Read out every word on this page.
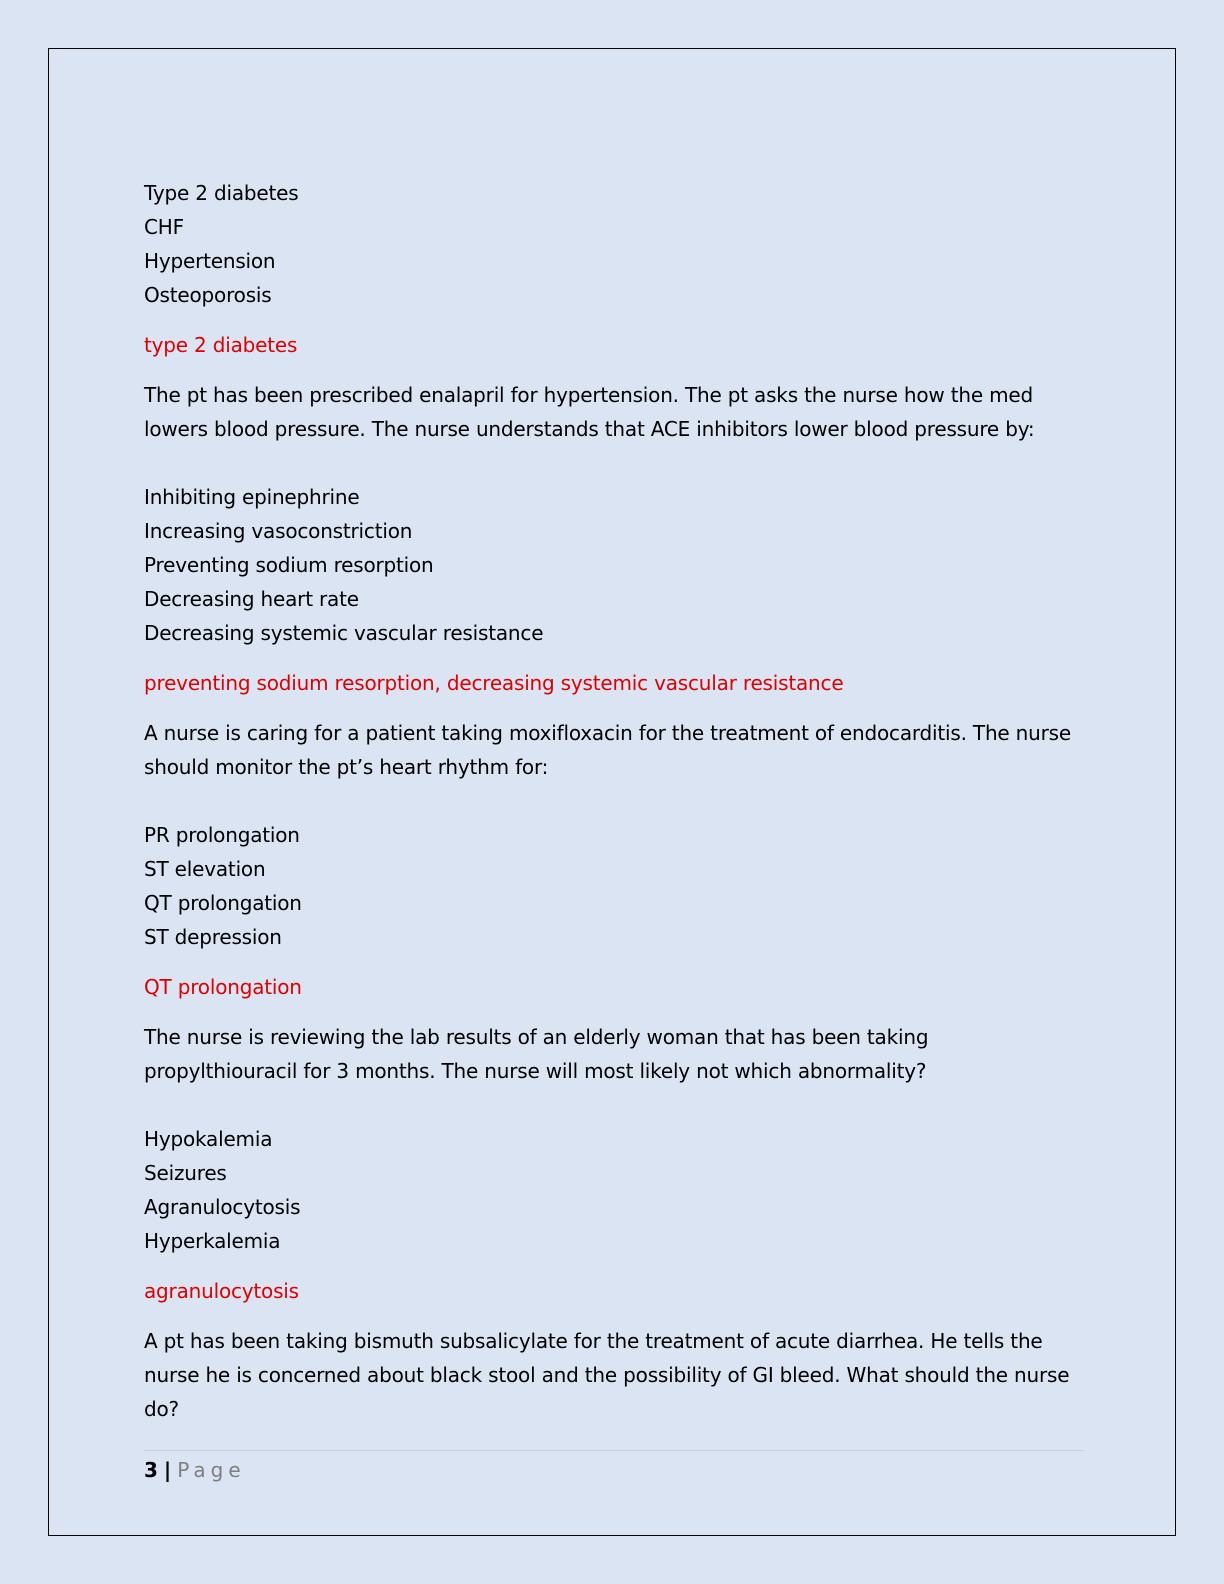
Type 2 diabetes
CHF
Hypertension
Osteoporosis
type 2 diabetes

The pt has been prescribed enalapril for hypertension. The pt asks the nurse how the med lowers blood pressure. The nurse understands that ACE inhibitors lower blood pressure by:

Inhibiting epinephrine
Increasing vasoconstriction
Preventing sodium resorption
Decreasing heart rate
Decreasing systemic vascular resistance
preventing sodium resorption, decreasing systemic vascular resistance

A nurse is caring for a patient taking moxifloxacin for the treatment of endocarditis. The nurse should monitor the pt’s heart rhythm for:

PR prolongation
ST elevation
QT prolongation
ST depression
QT prolongation

The nurse is reviewing the lab results of an elderly woman that has been taking propylthiouracil for 3 months. The nurse will most likely not which abnormality?

Hypokalemia
Seizures
Agranulocytosis
Hyperkalemia
agranulocytosis

A pt has been taking bismuth subsalicylate for the treatment of acute diarrhea. He tells the nurse he is concerned about black stool and the possibility of GI bleed. What should the nurse do?

3 | Page
